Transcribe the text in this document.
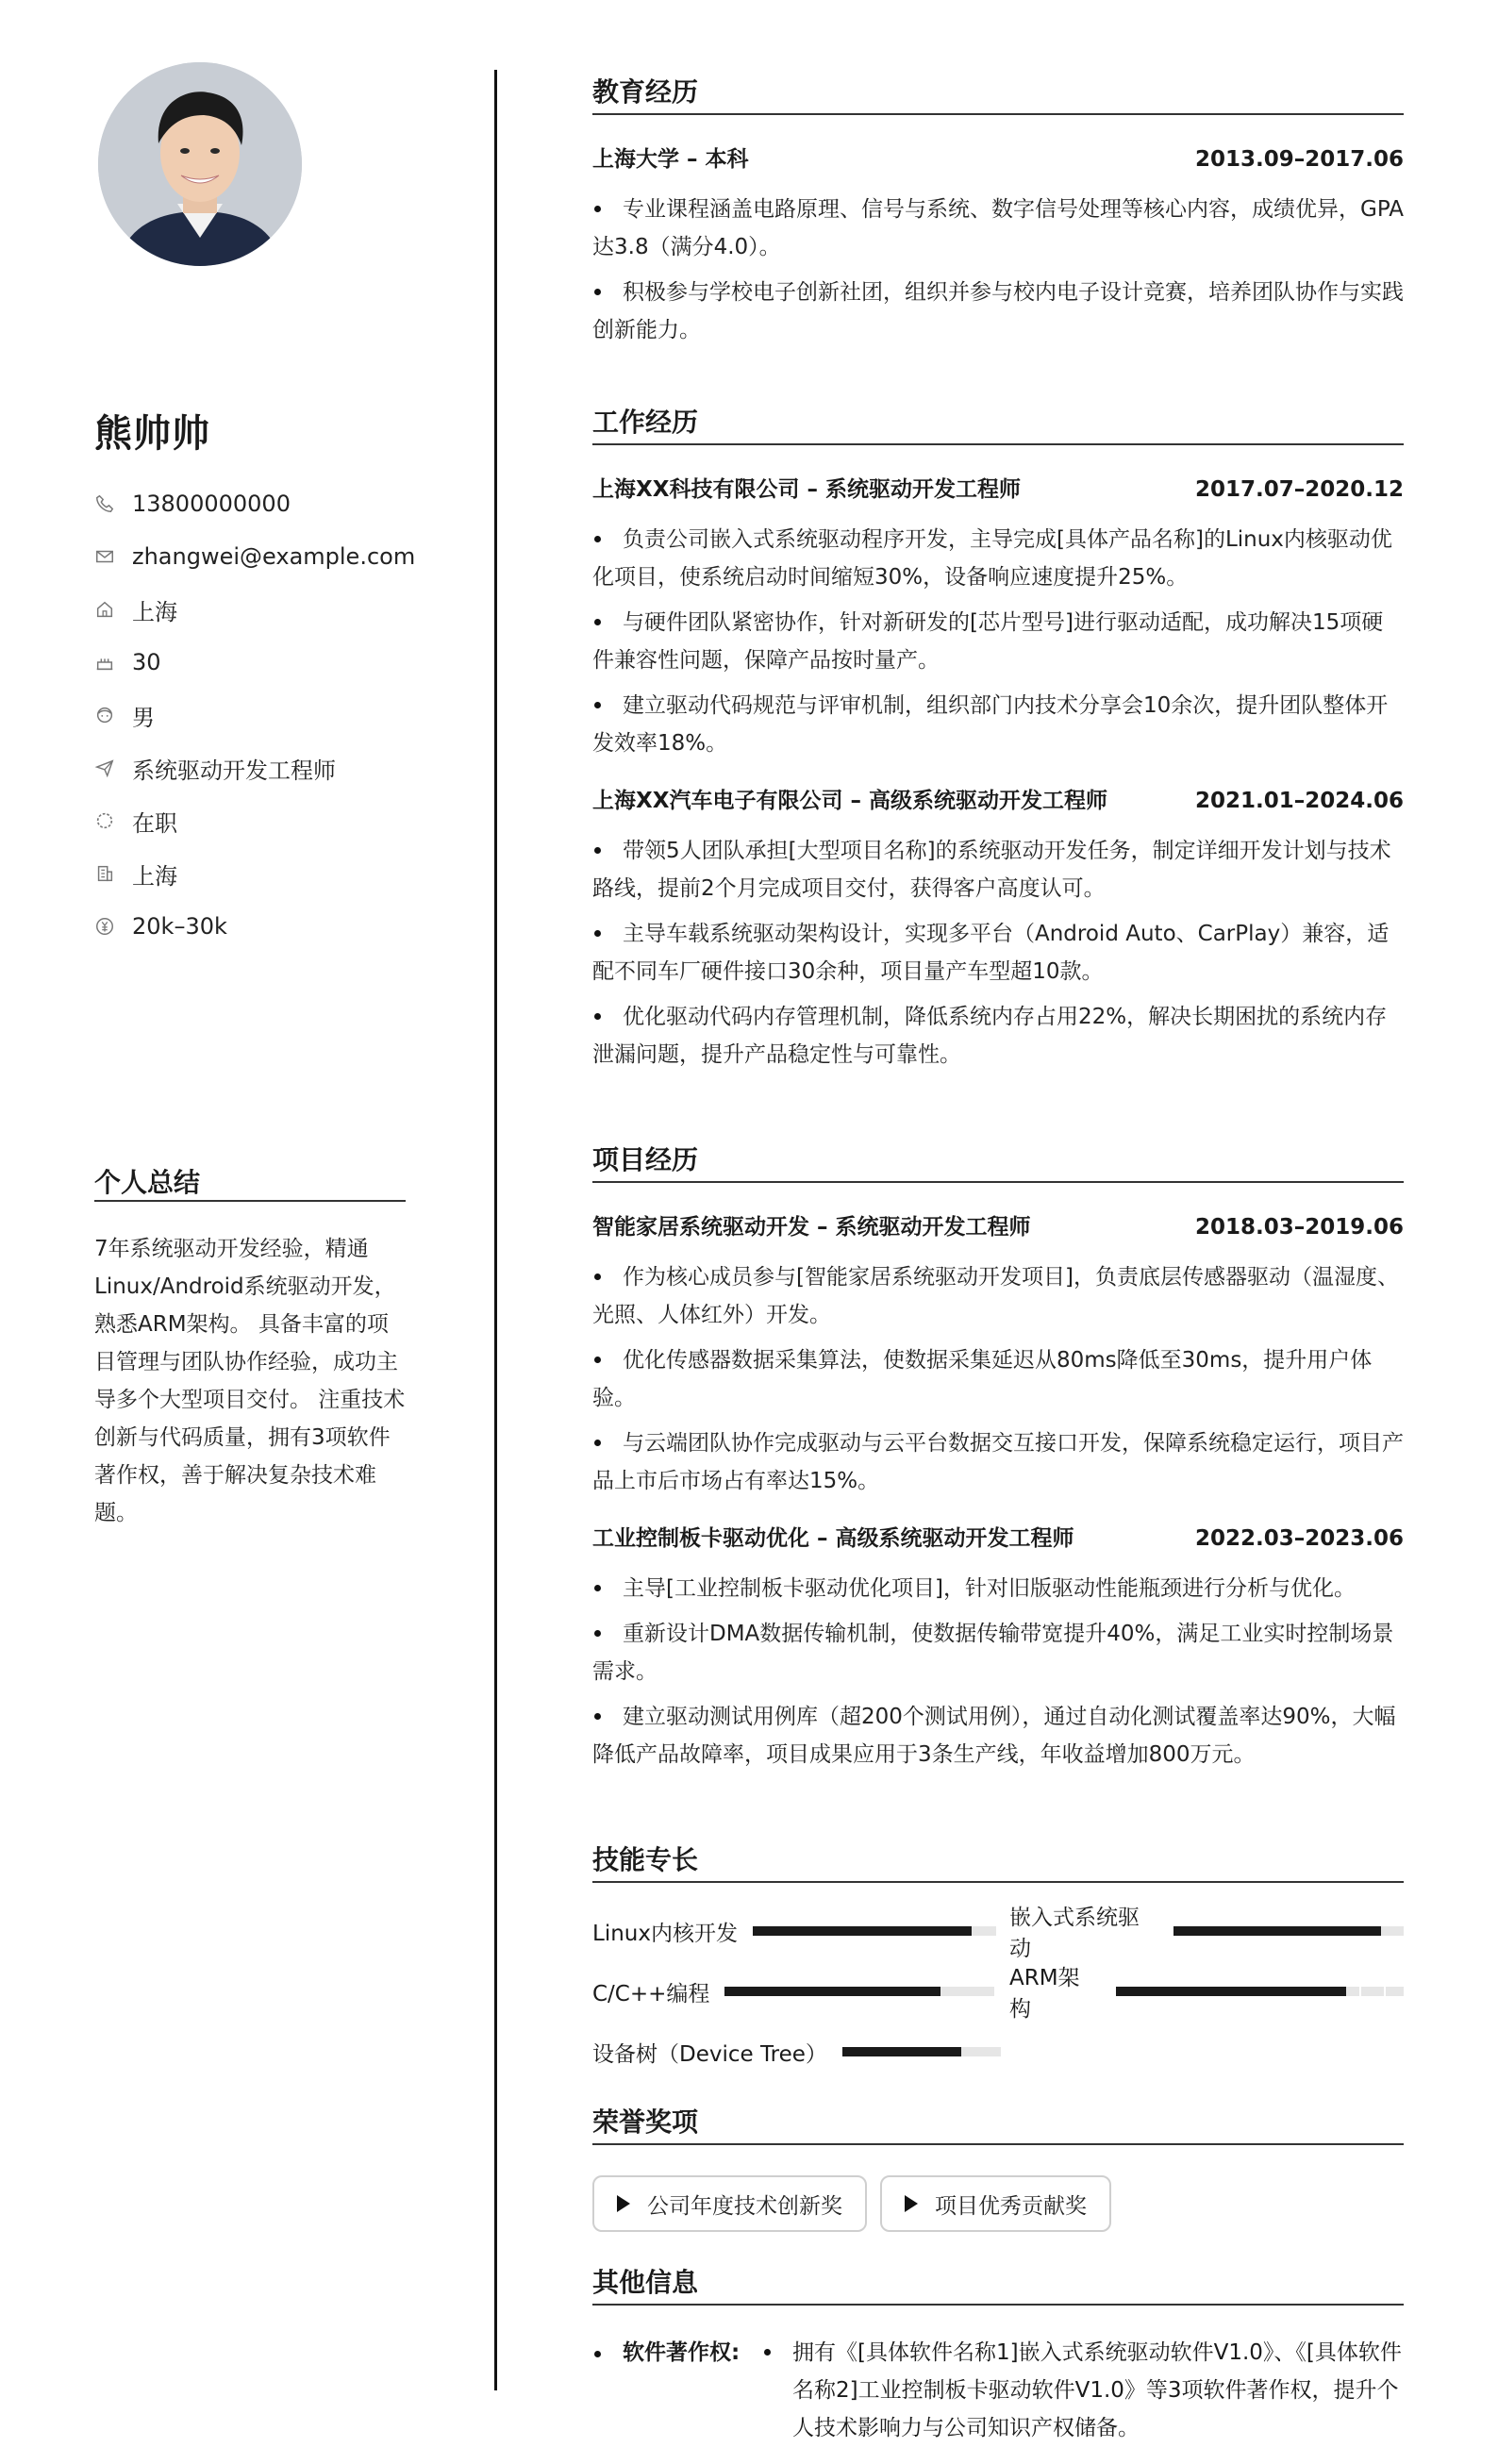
熊帅帅
13800000000
zhangwei@example.com
上海
30
男
系统驱动开发工程师
在职
上海
20k–30k
个人总结
7年系统驱动开发经验，精通Linux/Android系统驱动开发，熟悉ARM架构。 具备丰富的项目管理与团队协作经验，成功主导多个大型项目交付。 注重技术创新与代码质量，拥有3项软件著作权，善于解决复杂技术难题。
教育经历
上海大学 – 本科	2013.09–2017.06
专业课程涵盖电路原理、信号与系统、数字信号处理等核心内容，成绩优异，GPA达3.8（满分4.0）。
积极参与学校电子创新社团，组织并参与校内电子设计竞赛，培养团队协作与实践创新能力。
工作经历
上海XX科技有限公司 – 系统驱动开发工程师	2017.07–2020.12
负责公司嵌入式系统驱动程序开发，主导完成[具体产品名称]的Linux内核驱动优化项目，使系统启动时间缩短30%，设备响应速度提升25%。
与硬件团队紧密协作，针对新研发的[芯片型号]进行驱动适配，成功解决15项硬件兼容性问题，保障产品按时量产。
建立驱动代码规范与评审机制，组织部门内技术分享会10余次，提升团队整体开发效率18%。
上海XX汽车电子有限公司 – 高级系统驱动开发工程师	2021.01–2024.06
带领5人团队承担[大型项目名称]的系统驱动开发任务，制定详细开发计划与技术路线，提前2个月完成项目交付，获得客户高度认可。
主导车载系统驱动架构设计，实现多平台（Android Auto、CarPlay）兼容，适配不同车厂硬件接口30余种，项目量产车型超10款。
优化驱动代码内存管理机制，降低系统内存占用22%，解决长期困扰的系统内存泄漏问题，提升产品稳定性与可靠性。
项目经历
智能家居系统驱动开发 – 系统驱动开发工程师	2018.03–2019.06
作为核心成员参与[智能家居系统驱动开发项目]，负责底层传感器驱动（温湿度、光照、人体红外）开发。
优化传感器数据采集算法，使数据采集延迟从80ms降低至30ms，提升用户体验。
与云端团队协作完成驱动与云平台数据交互接口开发，保障系统稳定运行，项目产品上市后市场占有率达15%。
工业控制板卡驱动优化 – 高级系统驱动开发工程师	2022.03–2023.06
主导[工业控制板卡驱动优化项目]，针对旧版驱动性能瓶颈进行分析与优化。
重新设计DMA数据传输机制，使数据传输带宽提升40%，满足工业实时控制场景需求。
建立驱动测试用例库（超200个测试用例），通过自动化测试覆盖率达90%，大幅降低产品故障率，项目成果应用于3条生产线，年收益增加800万元。
技能专长
Linux内核开发
嵌入式系统驱动
C/C++编程
ARM架构
设备树（Device Tree）
荣誉奖项
公司年度技术创新奖	项目优秀贡献奖
其他信息
软件著作权:	拥有《[具体软件名称1]嵌入式系统驱动软件V1.0》、《[具体软件名称2]工业控制板卡驱动软件V1.0》等3项软件著作权，提升个人技术影响力与公司知识产权储备。
